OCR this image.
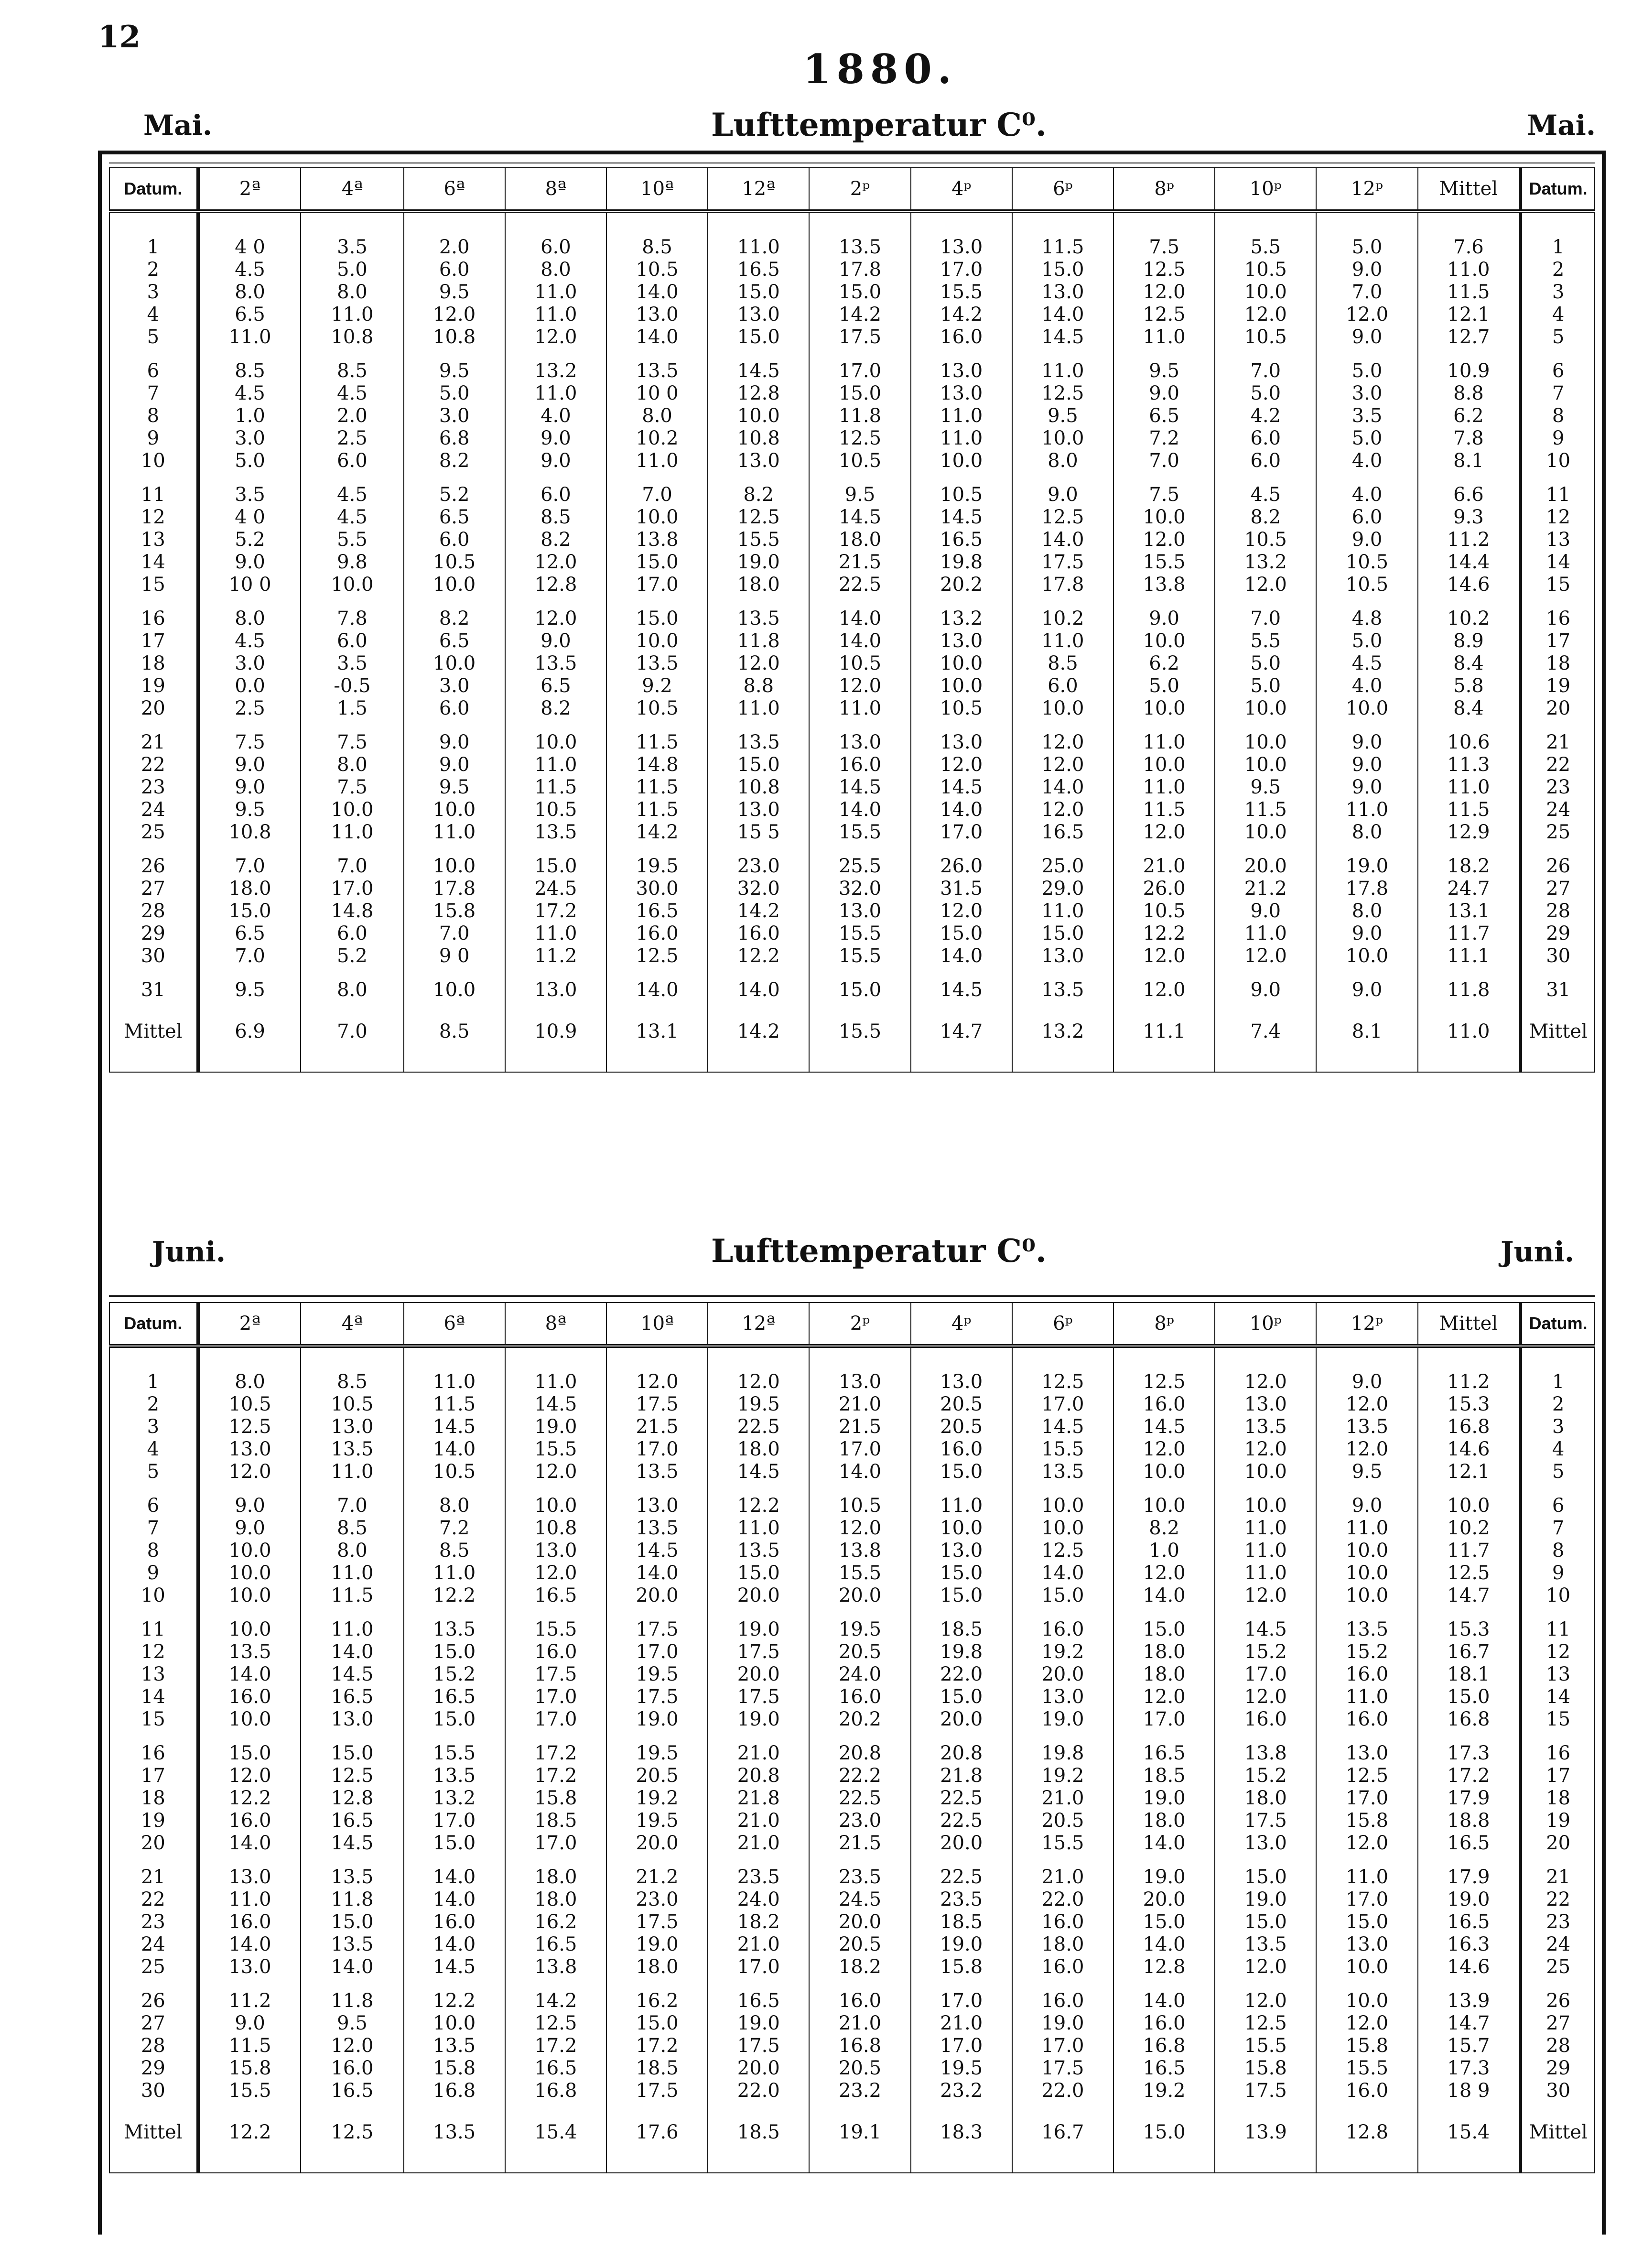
12
1880.
Mai.	Lufttemperatur C⁰.	Mai.
Datum.	2ª	4ª	6ª	8ª	10ª	12ª	2ᵖ	4ᵖ	6ᵖ	8ᵖ	10ᵖ	12ᵖ	Mittel	Datum.
1	4 0	3.5	2.0	6.0	8.5	11.0	13.5	13.0	11.5	7.5	5.5	5.0	7.6	1
2	4.5	5.0	6.0	8.0	10.5	16.5	17.8	17.0	15.0	12.5	10.5	9.0	11.0	2
3	8.0	8.0	9.5	11.0	14.0	15.0	15.0	15.5	13.0	12.0	10.0	7.0	11.5	3
4	6.5	11.0	12.0	11.0	13.0	13.0	14.2	14.2	14.0	12.5	12.0	12.0	12.1	4
5	11.0	10.8	10.8	12.0	14.0	15.0	17.5	16.0	14.5	11.0	10.5	9.0	12.7	5
6	8.5	8.5	9.5	13.2	13.5	14.5	17.0	13.0	11.0	9.5	7.0	5.0	10.9	6
7	4.5	4.5	5.0	11.0	10 0	12.8	15.0	13.0	12.5	9.0	5.0	3.0	8.8	7
8	1.0	2.0	3.0	4.0	8.0	10.0	11.8	11.0	9.5	6.5	4.2	3.5	6.2	8
9	3.0	2.5	6.8	9.0	10.2	10.8	12.5	11.0	10.0	7.2	6.0	5.0	7.8	9
10	5.0	6.0	8.2	9.0	11.0	13.0	10.5	10.0	8.0	7.0	6.0	4.0	8.1	10
11	3.5	4.5	5.2	6.0	7.0	8.2	9.5	10.5	9.0	7.5	4.5	4.0	6.6	11
12	4 0	4.5	6.5	8.5	10.0	12.5	14.5	14.5	12.5	10.0	8.2	6.0	9.3	12
13	5.2	5.5	6.0	8.2	13.8	15.5	18.0	16.5	14.0	12.0	10.5	9.0	11.2	13
14	9.0	9.8	10.5	12.0	15.0	19.0	21.5	19.8	17.5	15.5	13.2	10.5	14.4	14
15	10 0	10.0	10.0	12.8	17.0	18.0	22.5	20.2	17.8	13.8	12.0	10.5	14.6	15
16	8.0	7.8	8.2	12.0	15.0	13.5	14.0	13.2	10.2	9.0	7.0	4.8	10.2	16
17	4.5	6.0	6.5	9.0	10.0	11.8	14.0	13.0	11.0	10.0	5.5	5.0	8.9	17
18	3.0	3.5	10.0	13.5	13.5	12.0	10.5	10.0	8.5	6.2	5.0	4.5	8.4	18
19	0.0	-0.5	3.0	6.5	9.2	8.8	12.0	10.0	6.0	5.0	5.0	4.0	5.8	19
20	2.5	1.5	6.0	8.2	10.5	11.0	11.0	10.5	10.0	10.0	10.0	10.0	8.4	20
21	7.5	7.5	9.0	10.0	11.5	13.5	13.0	13.0	12.0	11.0	10.0	9.0	10.6	21
22	9.0	8.0	9.0	11.0	14.8	15.0	16.0	12.0	12.0	10.0	10.0	9.0	11.3	22
23	9.0	7.5	9.5	11.5	11.5	10.8	14.5	14.5	14.0	11.0	9.5	9.0	11.0	23
24	9.5	10.0	10.0	10.5	11.5	13.0	14.0	14.0	12.0	11.5	11.5	11.0	11.5	24
25	10.8	11.0	11.0	13.5	14.2	15 5	15.5	17.0	16.5	12.0	10.0	8.0	12.9	25
26	7.0	7.0	10.0	15.0	19.5	23.0	25.5	26.0	25.0	21.0	20.0	19.0	18.2	26
27	18.0	17.0	17.8	24.5	30.0	32.0	32.0	31.5	29.0	26.0	21.2	17.8	24.7	27
28	15.0	14.8	15.8	17.2	16.5	14.2	13.0	12.0	11.0	10.5	9.0	8.0	13.1	28
29	6.5	6.0	7.0	11.0	16.0	16.0	15.5	15.0	15.0	12.2	11.0	9.0	11.7	29
30	7.0	5.2	9 0	11.2	12.5	12.2	15.5	14.0	13.0	12.0	12.0	10.0	11.1	30
31	9.5	8.0	10.0	13.0	14.0	14.0	15.0	14.5	13.5	12.0	9.0	9.0	11.8	31
Mittel	6.9	7.0	8.5	10.9	13.1	14.2	15.5	14.7	13.2	11.1	7.4	8.1	11.0	Mittel
Juni.	Lufttemperatur C⁰.	Juni.
Datum.	2ª	4ª	6ª	8ª	10ª	12ª	2ᵖ	4ᵖ	6ᵖ	8ᵖ	10ᵖ	12ᵖ	Mittel	Datum.
1	8.0	8.5	11.0	11.0	12.0	12.0	13.0	13.0	12.5	12.5	12.0	9.0	11.2	1
2	10.5	10.5	11.5	14.5	17.5	19.5	21.0	20.5	17.0	16.0	13.0	12.0	15.3	2
3	12.5	13.0	14.5	19.0	21.5	22.5	21.5	20.5	14.5	14.5	13.5	13.5	16.8	3
4	13.0	13.5	14.0	15.5	17.0	18.0	17.0	16.0	15.5	12.0	12.0	12.0	14.6	4
5	12.0	11.0	10.5	12.0	13.5	14.5	14.0	15.0	13.5	10.0	10.0	9.5	12.1	5
6	9.0	7.0	8.0	10.0	13.0	12.2	10.5	11.0	10.0	10.0	10.0	9.0	10.0	6
7	9.0	8.5	7.2	10.8	13.5	11.0	12.0	10.0	10.0	8.2	11.0	11.0	10.2	7
8	10.0	8.0	8.5	13.0	14.5	13.5	13.8	13.0	12.5	1.0	11.0	10.0	11.7	8
9	10.0	11.0	11.0	12.0	14.0	15.0	15.5	15.0	14.0	12.0	11.0	10.0	12.5	9
10	10.0	11.5	12.2	16.5	20.0	20.0	20.0	15.0	15.0	14.0	12.0	10.0	14.7	10
11	10.0	11.0	13.5	15.5	17.5	19.0	19.5	18.5	16.0	15.0	14.5	13.5	15.3	11
12	13.5	14.0	15.0	16.0	17.0	17.5	20.5	19.8	19.2	18.0	15.2	15.2	16.7	12
13	14.0	14.5	15.2	17.5	19.5	20.0	24.0	22.0	20.0	18.0	17.0	16.0	18.1	13
14	16.0	16.5	16.5	17.0	17.5	17.5	16.0	15.0	13.0	12.0	12.0	11.0	15.0	14
15	10.0	13.0	15.0	17.0	19.0	19.0	20.2	20.0	19.0	17.0	16.0	16.0	16.8	15
16	15.0	15.0	15.5	17.2	19.5	21.0	20.8	20.8	19.8	16.5	13.8	13.0	17.3	16
17	12.0	12.5	13.5	17.2	20.5	20.8	22.2	21.8	19.2	18.5	15.2	12.5	17.2	17
18	12.2	12.8	13.2	15.8	19.2	21.8	22.5	22.5	21.0	19.0	18.0	17.0	17.9	18
19	16.0	16.5	17.0	18.5	19.5	21.0	23.0	22.5	20.5	18.0	17.5	15.8	18.8	19
20	14.0	14.5	15.0	17.0	20.0	21.0	21.5	20.0	15.5	14.0	13.0	12.0	16.5	20
21	13.0	13.5	14.0	18.0	21.2	23.5	23.5	22.5	21.0	19.0	15.0	11.0	17.9	21
22	11.0	11.8	14.0	18.0	23.0	24.0	24.5	23.5	22.0	20.0	19.0	17.0	19.0	22
23	16.0	15.0	16.0	16.2	17.5	18.2	20.0	18.5	16.0	15.0	15.0	15.0	16.5	23
24	14.0	13.5	14.0	16.5	19.0	21.0	20.5	19.0	18.0	14.0	13.5	13.0	16.3	24
25	13.0	14.0	14.5	13.8	18.0	17.0	18.2	15.8	16.0	12.8	12.0	10.0	14.6	25
26	11.2	11.8	12.2	14.2	16.2	16.5	16.0	17.0	16.0	14.0	12.0	10.0	13.9	26
27	9.0	9.5	10.0	12.5	15.0	19.0	21.0	21.0	19.0	16.0	12.5	12.0	14.7	27
28	11.5	12.0	13.5	17.2	17.2	17.5	16.8	17.0	17.0	16.8	15.5	15.8	15.7	28
29	15.8	16.0	15.8	16.5	18.5	20.0	20.5	19.5	17.5	16.5	15.8	15.5	17.3	29
30	15.5	16.5	16.8	16.8	17.5	22.0	23.2	23.2	22.0	19.2	17.5	16.0	18 9	30
Mittel	12.2	12.5	13.5	15.4	17.6	18.5	19.1	18.3	16.7	15.0	13.9	12.8	15.4	Mittel
